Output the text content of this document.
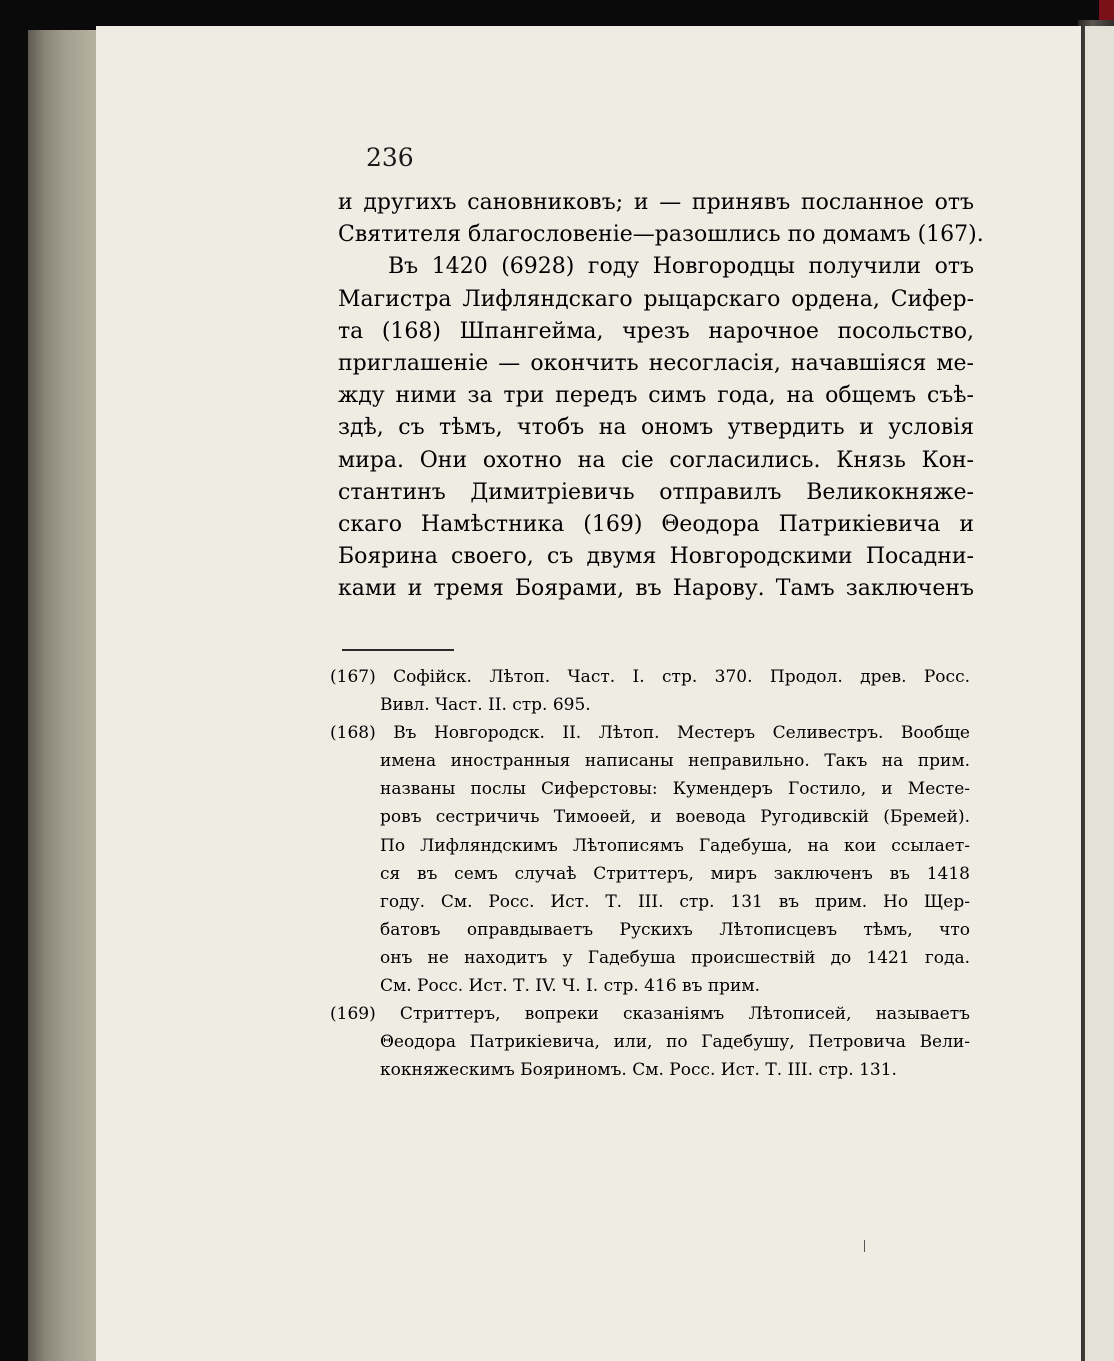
236
и другихъ сановниковъ; и — принявъ посланное отъ
Святителя благословеніе—разошлись по домамъ (167).
Въ 1420 (6928) году Новгородцы получили отъ
Магистра Лифляндскаго рыцарскаго ордена, Сифер-
та (168) Шпангейма, чрезъ нарочное посольство,
приглашеніе — окончить несогласія, начавшіяся ме-
жду ними за три передъ симъ года, на общемъ съѣ-
здѣ, съ тѣмъ, чтобъ на ономъ утвердить и условія
мира. Они охотно на сіе согласились. Князь Кон-
стантинъ Димитріевичь отправилъ Великокняже-
скаго Намѣстника (169) Θеодора Патрикіевича и
Боярина своего, съ двумя Новгородскими Посадни-
ками и тремя Боярами, въ Нарову. Тамъ заключенъ
(167) Софійск. Лѣтоп. Част. I. стр. 370. Продол. древ. Росс.
Вивл. Част. II. стр. 695.
(168) Въ Новгородск. II. Лѣтоп. Местеръ Селивестръ. Вообще
имена иностранныя написаны неправильно. Такъ на прим.
названы послы Сиферстовы: Кумендеръ Гостило, и Месте-
ровъ сестричичь Тимоѳей, и воевода Ругодивскій (Бремей).
По Лифляндскимъ Лѣтописямъ Гадебуша, на кои ссылает-
ся въ семъ случаѣ Стриттеръ, миръ заключенъ въ 1418
году. См. Росс. Ист. Т. III. стр. 131 въ прим. Но Щер-
батовъ оправдываетъ Рускихъ Лѣтописцевъ тѣмъ, что
онъ не находитъ у Гадебуша происшествій до 1421 года.
См. Росс. Ист. Т. IV. Ч. I. стр. 416 въ прим.
(169) Стриттеръ, вопреки сказаніямъ Лѣтописей, называетъ
Θеодора Патрикіевича, или, по Гадебушу, Петровича Вели-
кокняжескимъ Бояриномъ. См. Росс. Ист. Т. III. стр. 131.
